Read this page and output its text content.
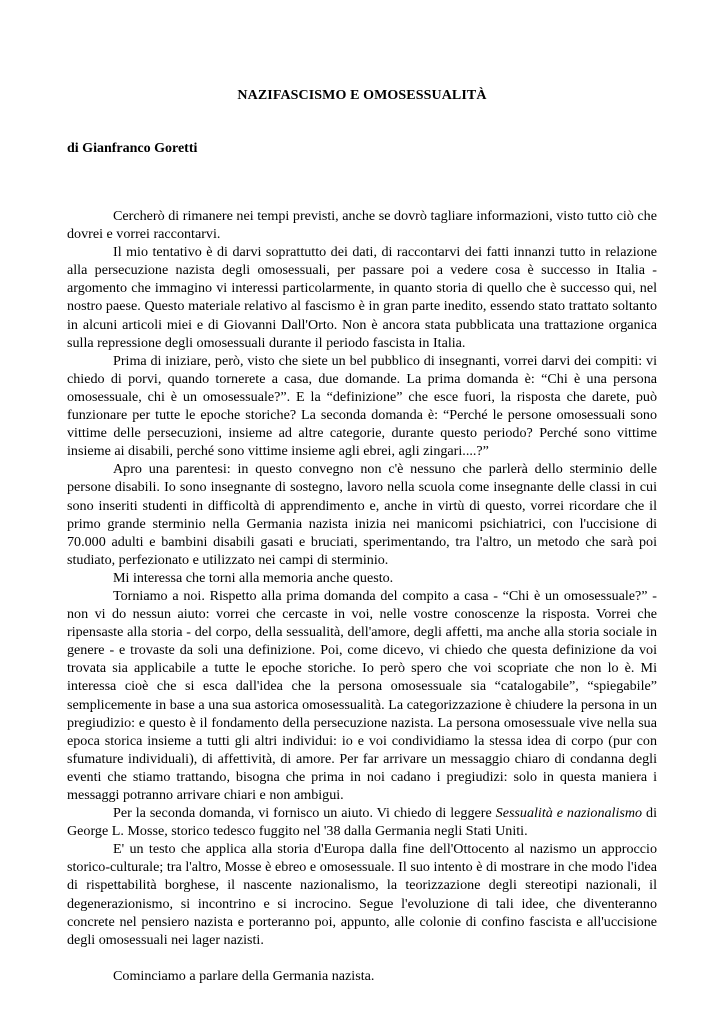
NAZIFASCISMO E OMOSESSUALITÀ
di Gianfranco Goretti

Cercherò di rimanere nei tempi previsti, anche se dovrò tagliare informazioni, visto tutto ciò che dovrei e vorrei raccontarvi.

Il mio tentativo è di darvi soprattutto dei dati, di raccontarvi dei fatti innanzi tutto in relazione alla persecuzione nazista degli omosessuali, per passare poi a vedere cosa è successo in Italia - argomento che immagino vi interessi particolarmente, in quanto storia di quello che è successo qui, nel nostro paese. Questo materiale relativo al fascismo è in gran parte inedito, essendo stato trattato soltanto in alcuni articoli miei e di Giovanni Dall'Orto. Non è ancora stata pubblicata una trattazione organica sulla repressione degli omosessuali durante il periodo fascista in Italia.

Prima di iniziare, però, visto che siete un bel pubblico di insegnanti, vorrei darvi dei compiti: vi chiedo di porvi, quando tornerete a casa, due domande. La prima domanda è: “Chi è una persona omosessuale, chi è un omosessuale?”. E la “definizione” che esce fuori, la risposta che darete, può funzionare per tutte le epoche storiche? La seconda domanda è: “Perché le persone omosessuali sono vittime delle persecuzioni, insieme ad altre categorie, durante questo periodo? Perché sono vittime insieme ai disabili, perché sono vittime insieme agli ebrei, agli zingari....?”

Apro una parentesi: in questo convegno non c'è nessuno che parlerà dello sterminio delle persone disabili. Io sono insegnante di sostegno, lavoro nella scuola come insegnante delle classi in cui sono inseriti studenti in difficoltà di apprendimento e, anche in virtù di questo, vorrei ricordare che il primo grande sterminio nella Germania nazista inizia nei manicomi psichiatrici, con l'uccisione di 70.000 adulti e bambini disabili gasati e bruciati, sperimentando, tra l'altro, un metodo che sarà poi studiato, perfezionato e utilizzato nei campi di sterminio.

Mi interessa che torni alla memoria anche questo.

Torniamo a noi. Rispetto alla prima domanda del compito a casa - “Chi è un omosessuale?” - non vi do nessun aiuto: vorrei che cercaste in voi, nelle vostre conoscenze la risposta. Vorrei che ripensaste alla storia - del corpo, della sessualità, dell'amore, degli affetti, ma anche alla storia sociale in genere - e trovaste da soli una definizione. Poi, come dicevo, vi chiedo che questa definizione da voi trovata sia applicabile a tutte le epoche storiche. Io però spero che voi scopriate che non lo è. Mi interessa cioè che si esca dall'idea che la persona omosessuale sia “catalogabile”, “spiegabile” semplicemente in base a una sua astorica omosessualità. La categorizzazione è chiudere la persona in un pregiudizio: e questo è il fondamento della persecuzione nazista. La persona omosessuale vive nella sua epoca storica insieme a tutti gli altri individui: io e voi condividiamo la stessa idea di corpo (pur con sfumature individuali), di affettività, di amore. Per far arrivare un messaggio chiaro di condanna degli eventi che stiamo trattando, bisogna che prima in noi cadano i pregiudizi: solo in questa maniera i messaggi potranno arrivare chiari e non ambigui.

Per la seconda domanda, vi fornisco un aiuto. Vi chiedo di leggere Sessualità e nazionalismo di George L. Mosse, storico tedesco fuggito nel '38 dalla Germania negli Stati Uniti.

E' un testo che applica alla storia d'Europa dalla fine dell'Ottocento al nazismo un approccio storico-culturale; tra l'altro, Mosse è ebreo e omosessuale. Il suo intento è di mostrare in che modo l'idea di rispettabilità borghese, il nascente nazionalismo, la teorizzazione degli stereotipi nazionali, il degenerazionismo, si incontrino e si incrocino. Segue l'evoluzione di tali idee, che diventeranno concrete nel pensiero nazista e porteranno poi, appunto, alle colonie di confino fascista e all'uccisione degli omosessuali nei lager nazisti.

Cominciamo a parlare della Germania nazista.
